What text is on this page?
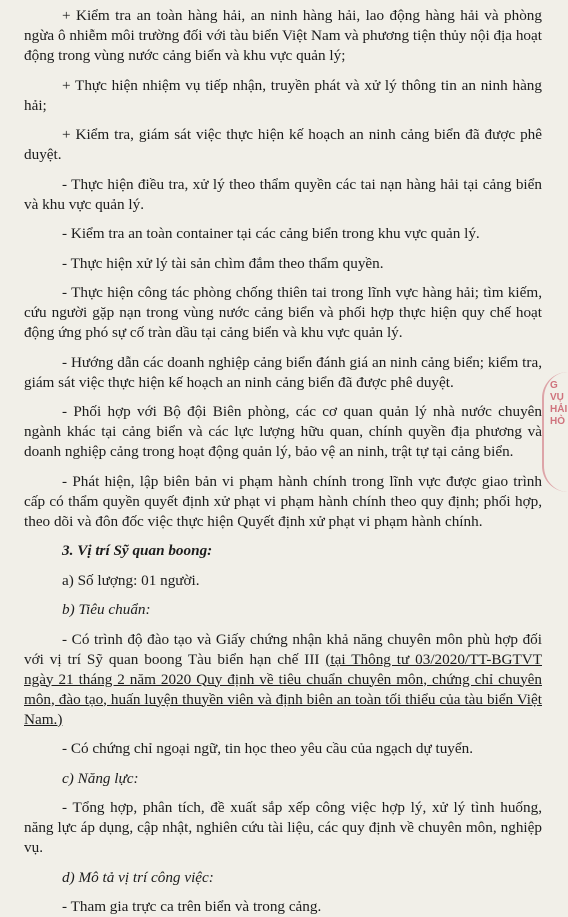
+ Kiểm tra an toàn hàng hải, an ninh hàng hải, lao động hàng hải và phòng ngừa ô nhiễm môi trường đối với tàu biển Việt Nam và phương tiện thủy nội địa hoạt động trong vùng nước cảng biển và khu vực quản lý;

+ Thực hiện nhiệm vụ tiếp nhận, truyền phát và xử lý thông tin an ninh hàng hải;

+ Kiểm tra, giám sát việc thực hiện kế hoạch an ninh cảng biển đã được phê duyệt.

- Thực hiện điều tra, xử lý theo thẩm quyền các tai nạn hàng hải tại cảng biển và khu vực quản lý.

- Kiểm tra an toàn container tại các cảng biển trong khu vực quản lý.

- Thực hiện xử lý tài sản chìm đắm theo thẩm quyền.

- Thực hiện công tác phòng chống thiên tai trong lĩnh vực hàng hải; tìm kiếm, cứu người gặp nạn trong vùng nước cảng biển và phối hợp thực hiện quy chế hoạt động ứng phó sự cố tràn dầu tại cảng biển và khu vực quản lý.

- Hướng dẫn các doanh nghiệp cảng biển đánh giá an ninh cảng biển; kiểm tra, giám sát việc thực hiện kế hoạch an ninh cảng biển đã được phê duyệt.

- Phối hợp với Bộ đội Biên phòng, các cơ quan quản lý nhà nước chuyên ngành khác tại cảng biển và các lực lượng hữu quan, chính quyền địa phương và doanh nghiệp cảng trong hoạt động quản lý, bảo vệ an ninh, trật tự tại cảng biển.

- Phát hiện, lập biên bản vi phạm hành chính trong lĩnh vực được giao trình cấp có thẩm quyền quyết định xử phạt vi phạm hành chính theo quy định; phối hợp, theo dõi và đôn đốc việc thực hiện Quyết định xử phạt vi phạm hành chính.

3. Vị trí Sỹ quan boong:

a) Số lượng: 01 người.

b) Tiêu chuẩn:

- Có trình độ đào tạo và Giấy chứng nhận khả năng chuyên môn phù hợp đối với vị trí Sỹ quan boong Tàu biển hạn chế III (tại Thông tư 03/2020/TT-BGTVT ngày 21 tháng 2 năm 2020 Quy định về tiêu chuẩn chuyên môn, chứng chỉ chuyên môn, đào tạo, huấn luyện thuyền viên và định biên an toàn tối thiểu của tàu biển Việt Nam.)

- Có chứng chỉ ngoại ngữ, tin học theo yêu cầu của ngạch dự tuyển.

c) Năng lực:

- Tổng hợp, phân tích, đề xuất sắp xếp công việc hợp lý, xử lý tình huống, năng lực áp dụng, cập nhật, nghiên cứu tài liệu, các quy định về chuyên môn, nghiệp vụ.

d) Mô tả vị trí công việc:

- Tham gia trực ca trên biển và trong cảng.

G
VỤ
HẢI
HÒ
